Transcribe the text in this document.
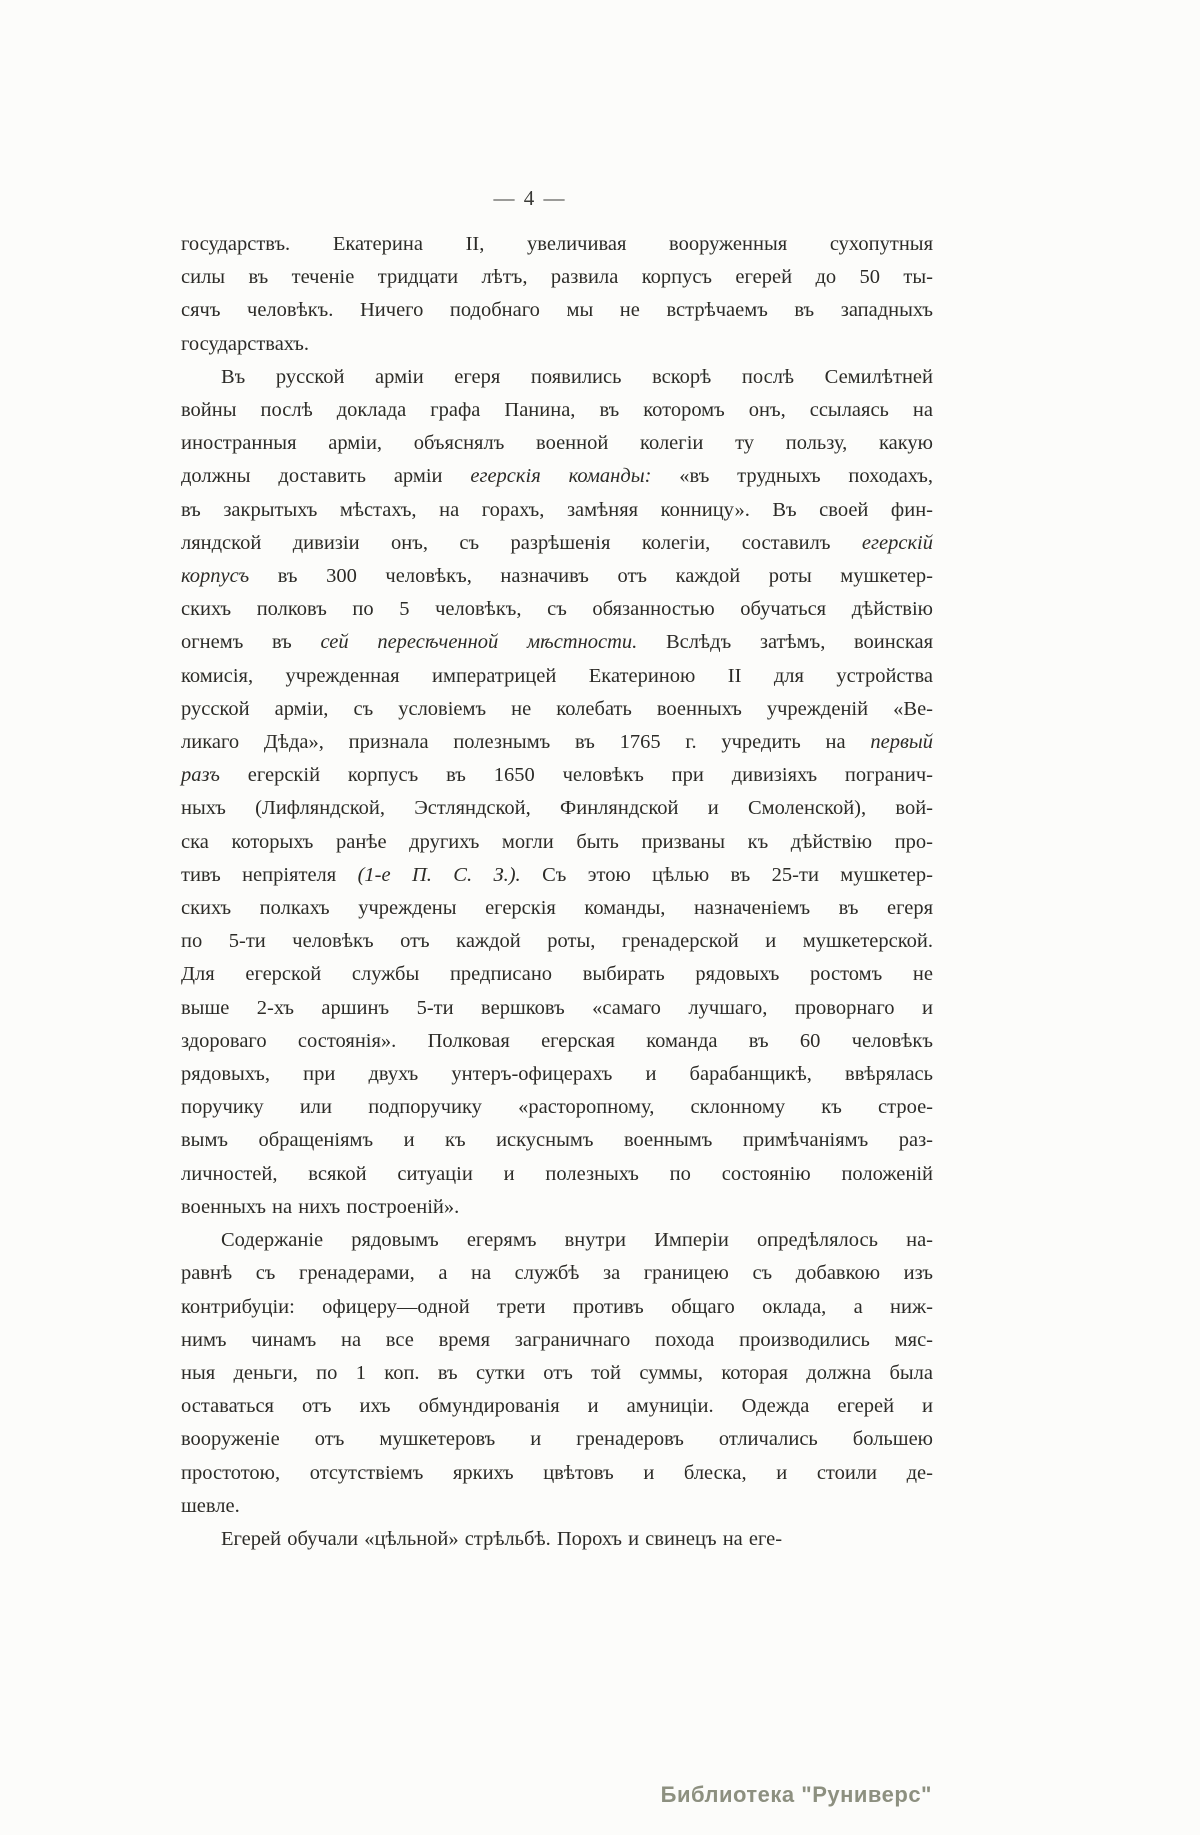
— 4 —
государствъ. Екатерина II, увеличивая вооруженныя сухопутныя
силы въ теченіе тридцати лѣтъ, развила корпусъ егерей до 50 ты-
сячъ человѣкъ. Ничего подобнаго мы не встрѣчаемъ въ западныхъ
государствахъ.
Въ русской арміи егеря появились вскорѣ послѣ Семилѣтней
войны послѣ доклада графа Панина, въ которомъ онъ, ссылаясь на
иностранныя арміи, объяснялъ военной колегіи ту пользу, какую
должны доставить арміи егерскія команды: «въ трудныхъ походахъ,
въ закрытыхъ мѣстахъ, на горахъ, замѣняя конницу». Въ своей фин-
ляндской дивизіи онъ, съ разрѣшенія колегіи, составилъ егерскій
корпусъ въ 300 человѣкъ, назначивъ отъ каждой роты мушкетер-
скихъ полковъ по 5 человѣкъ, съ обязанностью обучаться дѣйствію
огнемъ въ сей пересѣченной мѣстности. Вслѣдъ затѣмъ, воинская
комисія, учрежденная императрицей Екатериною II для устройства
русской арміи, съ условіемъ не колебать военныхъ учрежденій «Ве-
ликаго Дѣда», признала полезнымъ въ 1765 г. учредить на первый
разъ егерскій корпусъ въ 1650 человѣкъ при дивизіяхъ погранич-
ныхъ (Лифляндской, Эстляндской, Финляндской и Смоленской), вой-
ска которыхъ ранѣе другихъ могли быть призваны къ дѣйствію про-
тивъ непріятеля (1-е П. С. З.). Съ этою цѣлью въ 25-ти мушкетер-
скихъ полкахъ учреждены егерскія команды, назначеніемъ въ егеря
по 5-ти человѣкъ отъ каждой роты, гренадерской и мушкетерской.
Для егерской службы предписано выбирать рядовыхъ ростомъ не
выше 2-хъ аршинъ 5-ти вершковъ «самаго лучшаго, проворнаго и
здороваго состоянія». Полковая егерская команда въ 60 человѣкъ
рядовыхъ, при двухъ унтеръ-офицерахъ и барабанщикѣ, ввѣрялась
поручику или подпоручику «расторопному, склонному къ строе-
вымъ обращеніямъ и къ искуснымъ военнымъ примѣчаніямъ раз-
личностей, всякой ситуаціи и полезныхъ по состоянію положеній
военныхъ на нихъ построеній».
Содержаніе рядовымъ егерямъ внутри Имперіи опредѣлялось на-
равнѣ съ гренадерами, а на службѣ за границею съ добавкою изъ
контрибуціи: офицеру—одной трети противъ общаго оклада, а ниж-
нимъ чинамъ на все время заграничнаго похода производились мяс-
ныя деньги, по 1 коп. въ сутки отъ той суммы, которая должна была
оставаться отъ ихъ обмундированія и амуниціи. Одежда егерей и
вооруженіе отъ мушкетеровъ и гренадеровъ отличались большею
простотою, отсутствіемъ яркихъ цвѣтовъ и блеска, и стоили де-
шевле.
Егерей обучали «цѣльной» стрѣльбѣ. Порохъ и свинецъ на еге-
Библиотека "Руниверс"
